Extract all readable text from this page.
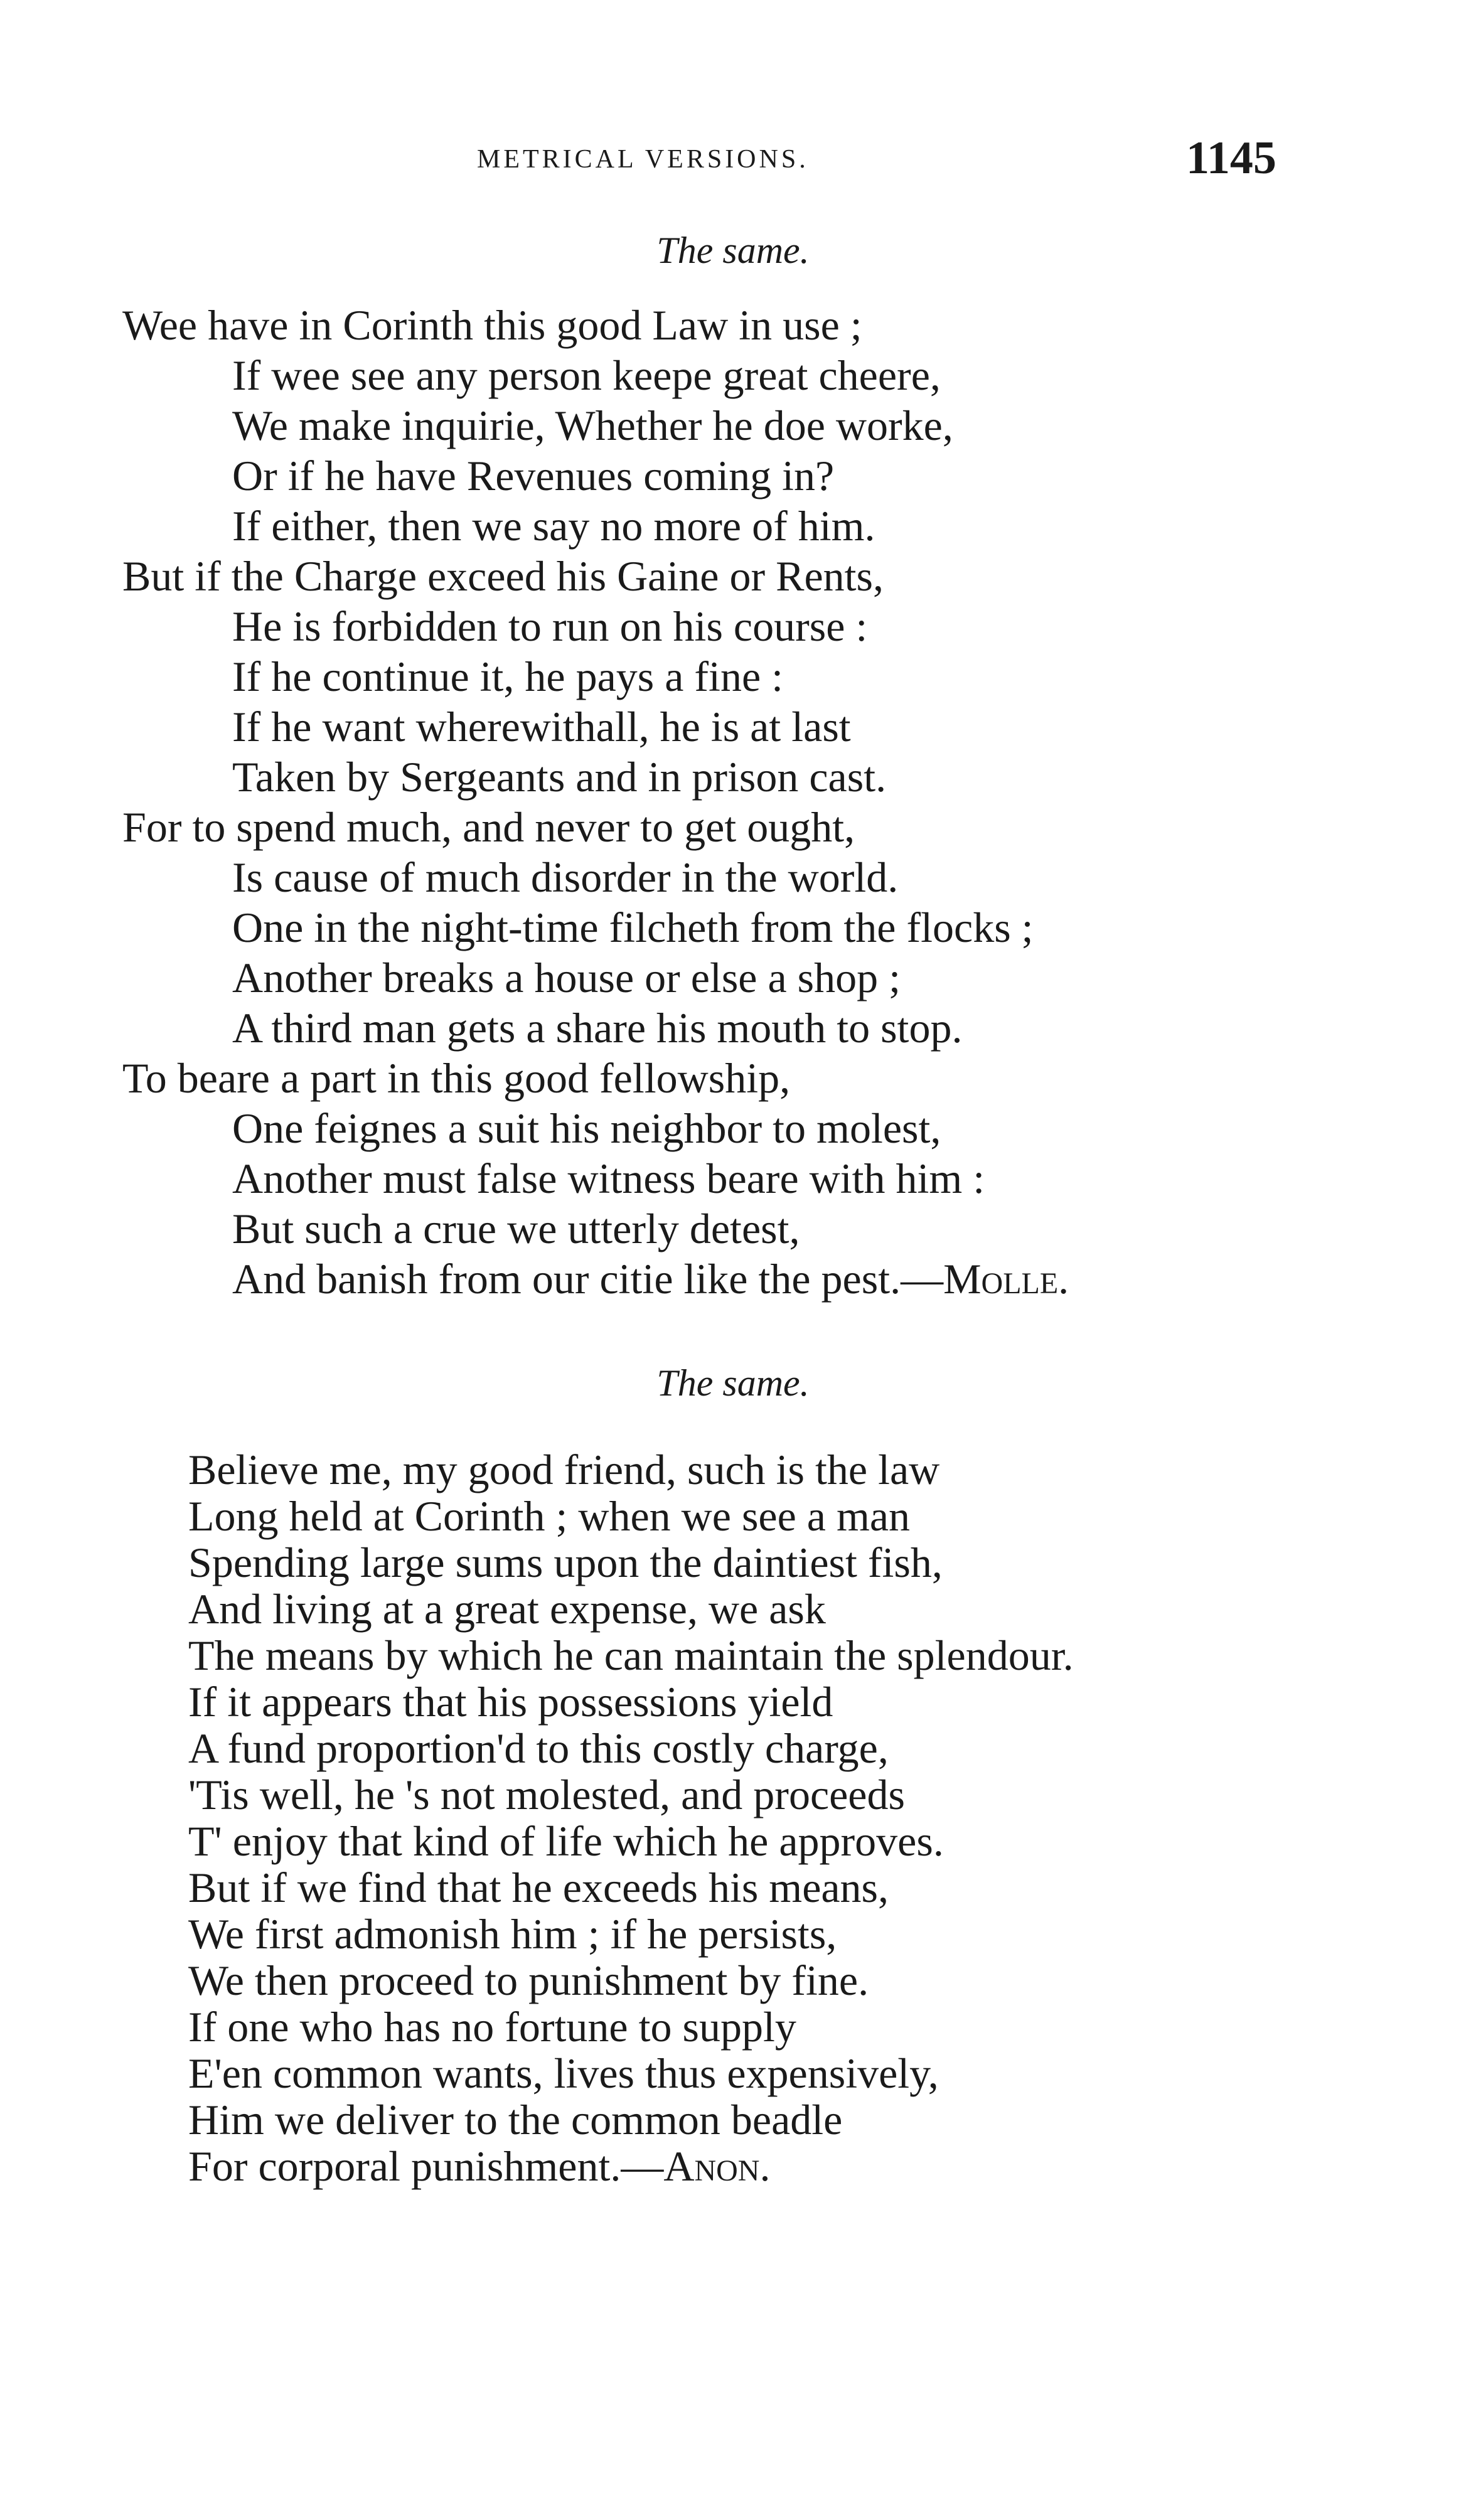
METRICAL VERSIONS.	1145
The same.
Wee have in Corinth this good Law in use ;
If wee see any person keepe great cheere,
We make inquirie, Whether he doe worke,
Or if he have Revenues coming in?
If either, then we say no more of him.
But if the Charge exceed his Gaine or Rents,
He is forbidden to run on his course :
If he continue it, he pays a fine :
If he want wherewithall, he is at last
Taken by Sergeants and in prison cast.
For to spend much, and never to get ought,
Is cause of much disorder in the world.
One in the night-time filcheth from the flocks ;
Another breaks a house or else a shop ;
A third man gets a share his mouth to stop.
To beare a part in this good fellowship,
One feignes a suit his neighbor to molest,
Another must false witness beare with him :
But such a crue we utterly detest,
And banish from our citie like the pest.—Molle.
The same.
Believe me, my good friend, such is the law
Long held at Corinth ; when we see a man
Spending large sums upon the daintiest fish,
And living at a great expense, we ask
The means by which he can maintain the splendour.
If it appears that his possessions yield
A fund proportion'd to this costly charge,
'Tis well, he 's not molested, and proceeds
T' enjoy that kind of life which he approves.
But if we find that he exceeds his means,
We first admonish him ; if he persists,
We then proceed to punishment by fine.
If one who has no fortune to supply
E'en common wants, lives thus expensively,
Him we deliver to the common beadle
For corporal punishment.—Anon.
